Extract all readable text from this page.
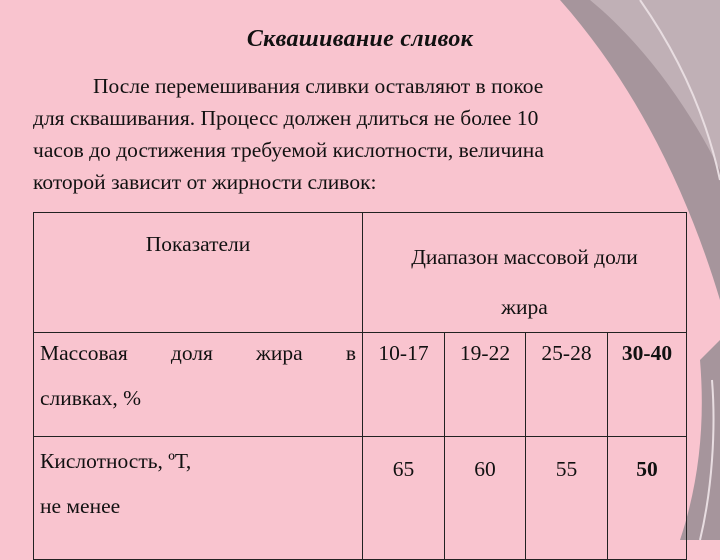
Сквашивание сливок

После перемешивания сливки оставляют в покое
для сквашивания. Процесс должен длиться не более 10
часов до достижения требуемой кислотности, величина
которой зависит от жирности сливок:

Показатели	Диапазон массовой доли
жира			

Массовая доля жира в
сливках, %	10-17	19-22	25-28	30-40

Кислотность, ºТ,
не менее	65	60	55	50
